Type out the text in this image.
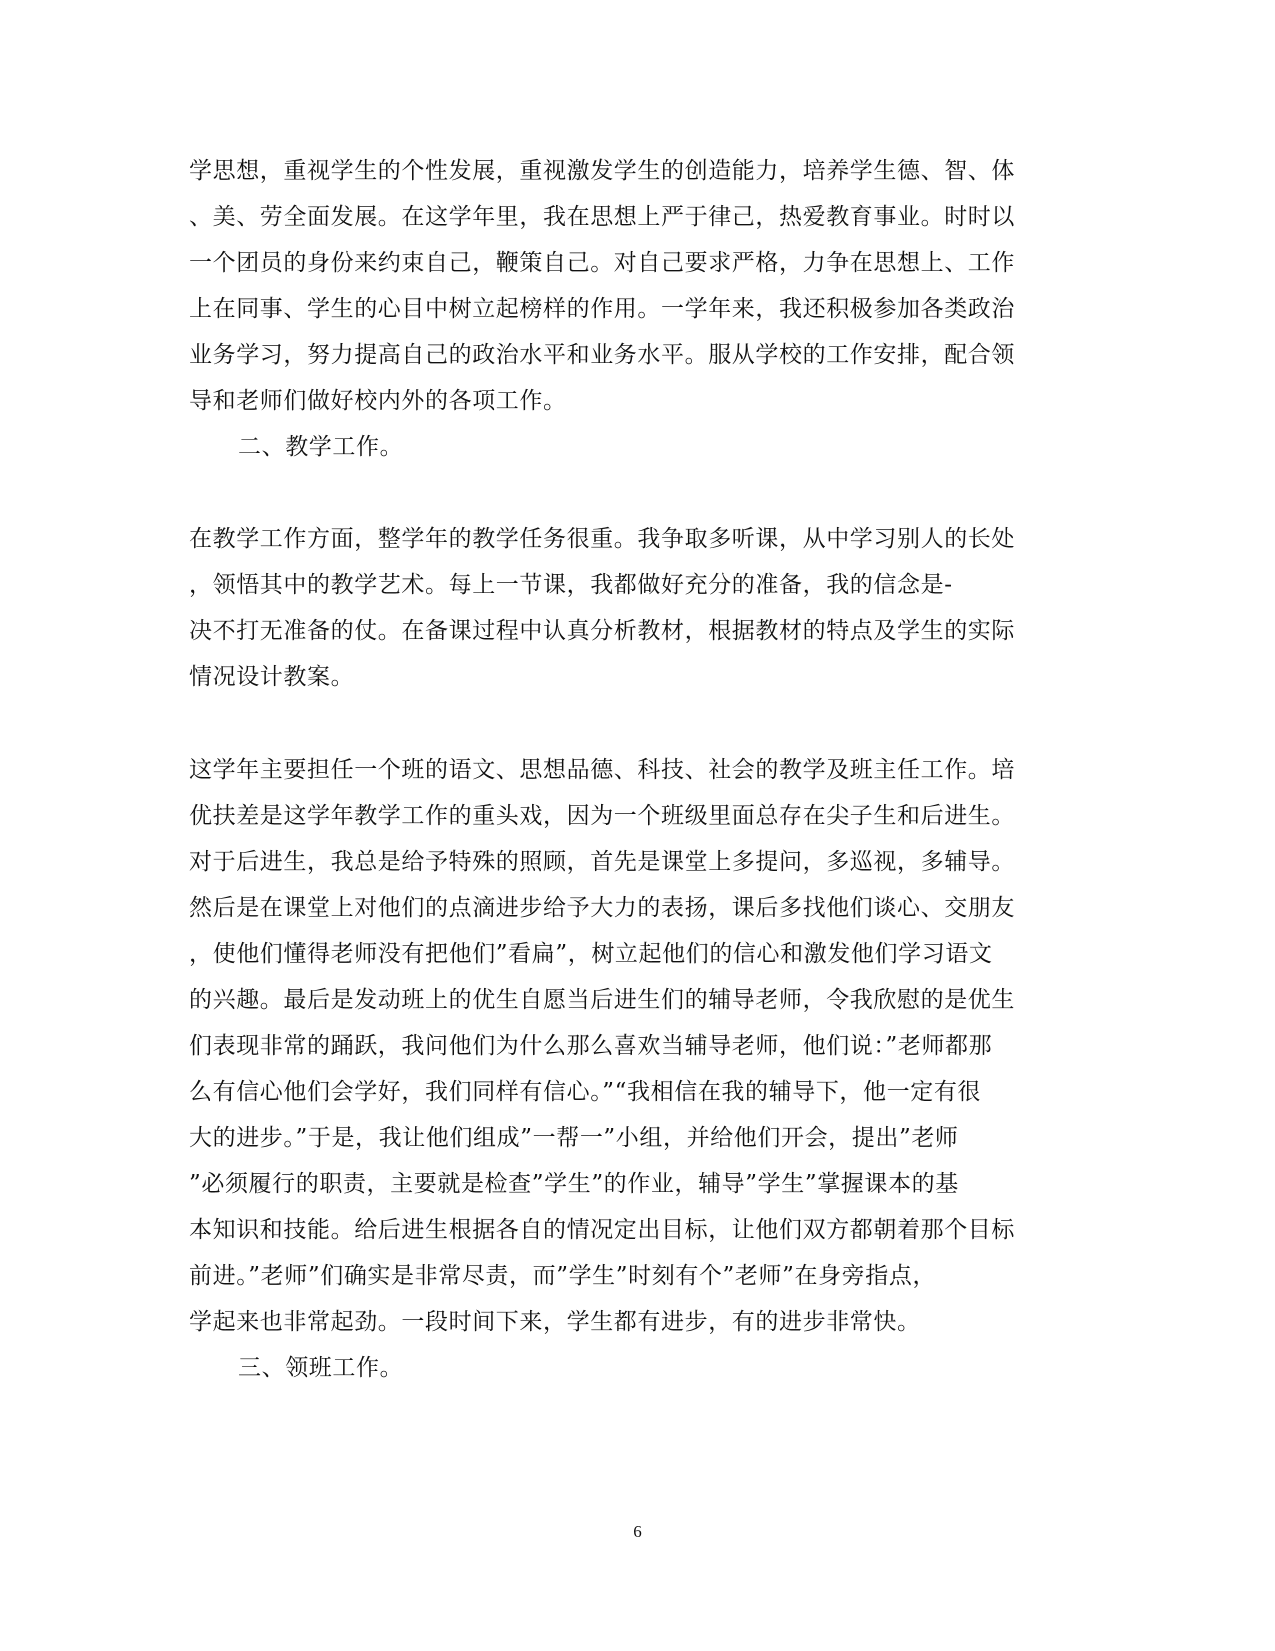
学思想，重视学生的个性发展，重视激发学生的创造能力，培养学生德、智、体
、美、劳全面发展。在这学年里，我在思想上严于律己，热爱教育事业。时时以
一个团员的身份来约束自己，鞭策自己。对自己要求严格，力争在思想上、工作
上在同事、学生的心目中树立起榜样的作用。一学年来，我还积极参加各类政治
业务学习，努力提高自己的政治水平和业务水平。服从学校的工作安排，配合领
导和老师们做好校内外的各项工作。
二、教学工作。
在教学工作方面，整学年的教学任务很重。我争取多听课，从中学习别人的长处
，领悟其中的教学艺术。每上一节课，我都做好充分的准备，我的信念是-
决不打无准备的仗。在备课过程中认真分析教材，根据教材的特点及学生的实际
情况设计教案。
这学年主要担任一个班的语文、思想品德、科技、社会的教学及班主任工作。培
优扶差是这学年教学工作的重头戏，因为一个班级里面总存在尖子生和后进生。
对于后进生，我总是给予特殊的照顾，首先是课堂上多提问，多巡视，多辅导。
然后是在课堂上对他们的点滴进步给予大力的表扬，课后多找他们谈心、交朋友
，使他们懂得老师没有把他们”看扁”，树立起他们的信心和激发他们学习语文
的兴趣。最后是发动班上的优生自愿当后进生们的辅导老师，令我欣慰的是优生
们表现非常的踊跃，我问他们为什么那么喜欢当辅导老师，他们说：”老师都那
么有信心他们会学好，我们同样有信心。”“我相信在我的辅导下，他一定有很
大的进步。”于是，我让他们组成”一帮一”小组，并给他们开会，提出”老师
”必须履行的职责，主要就是检查”学生”的作业，辅导”学生”掌握课本的基
本知识和技能。给后进生根据各自的情况定出目标，让他们双方都朝着那个目标
前进。”老师”们确实是非常尽责，而”学生”时刻有个”老师”在身旁指点，
学起来也非常起劲。一段时间下来，学生都有进步，有的进步非常快。
三、领班工作。
6
